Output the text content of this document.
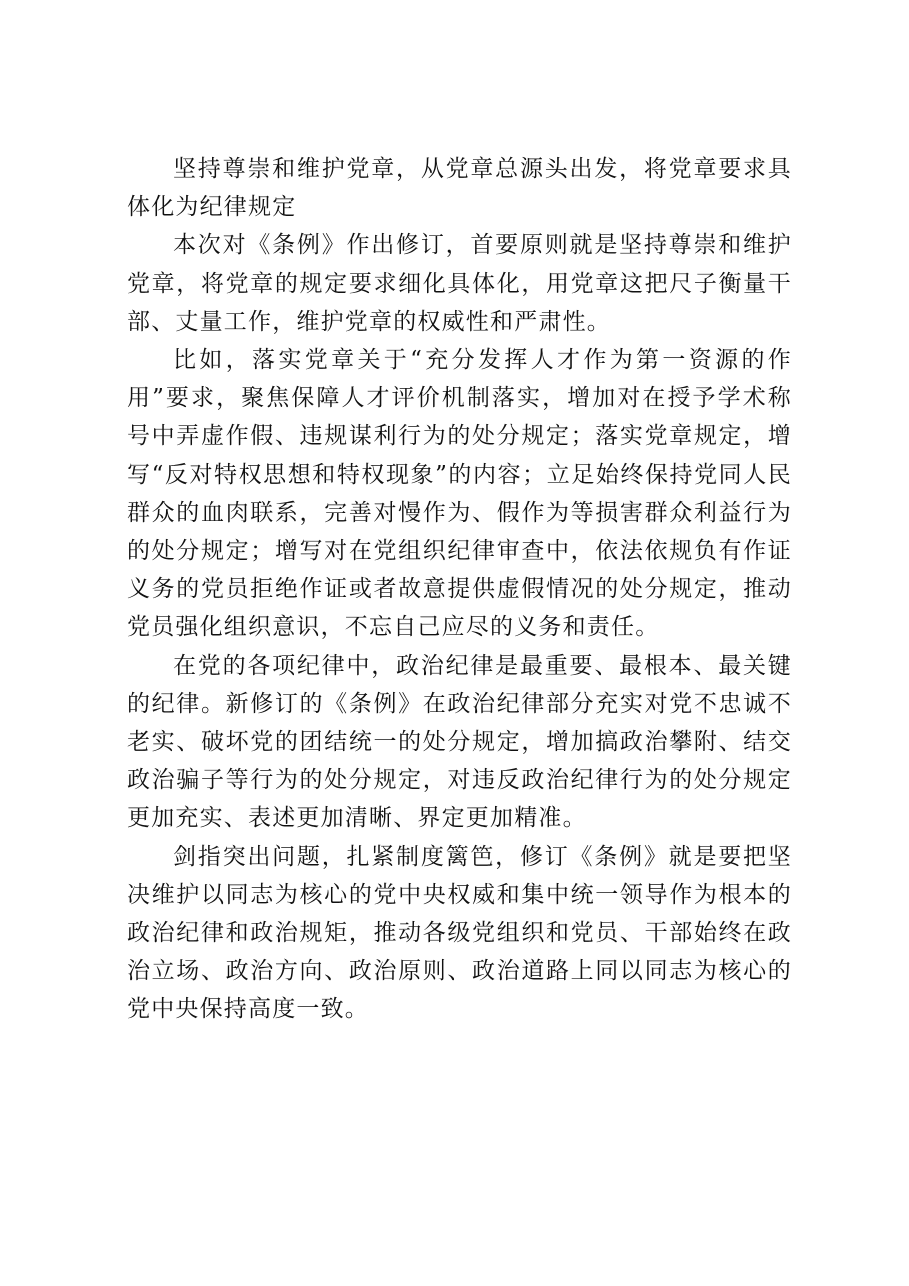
坚持尊崇和维护党章，从党章总源头出发，将党章要求具体化为纪律规定

本次对《条例》作出修订，首要原则就是坚持尊崇和维护党章，将党章的规定要求细化具体化，用党章这把尺子衡量干部、丈量工作，维护党章的权威性和严肃性。

比如，落实党章关于“充分发挥人才作为第一资源的作用”要求，聚焦保障人才评价机制落实，增加对在授予学术称号中弄虚作假、违规谋利行为的处分规定；落实党章规定，增写“反对特权思想和特权现象”的内容；立足始终保持党同人民群众的血肉联系，完善对慢作为、假作为等损害群众利益行为的处分规定；增写对在党组织纪律审查中，依法依规负有作证义务的党员拒绝作证或者故意提供虚假情况的处分规定，推动党员强化组织意识，不忘自己应尽的义务和责任。

在党的各项纪律中，政治纪律是最重要、最根本、最关键的纪律。新修订的《条例》在政治纪律部分充实对党不忠诚不老实、破坏党的团结统一的处分规定，增加搞政治攀附、结交政治骗子等行为的处分规定，对违反政治纪律行为的处分规定更加充实、表述更加清晰、界定更加精准。

剑指突出问题，扎紧制度篱笆，修订《条例》就是要把坚决维护以同志为核心的党中央权威和集中统一领导作为根本的政治纪律和政治规矩，推动各级党组织和党员、干部始终在政治立场、政治方向、政治原则、政治道路上同以同志为核心的党中央保持高度一致。
